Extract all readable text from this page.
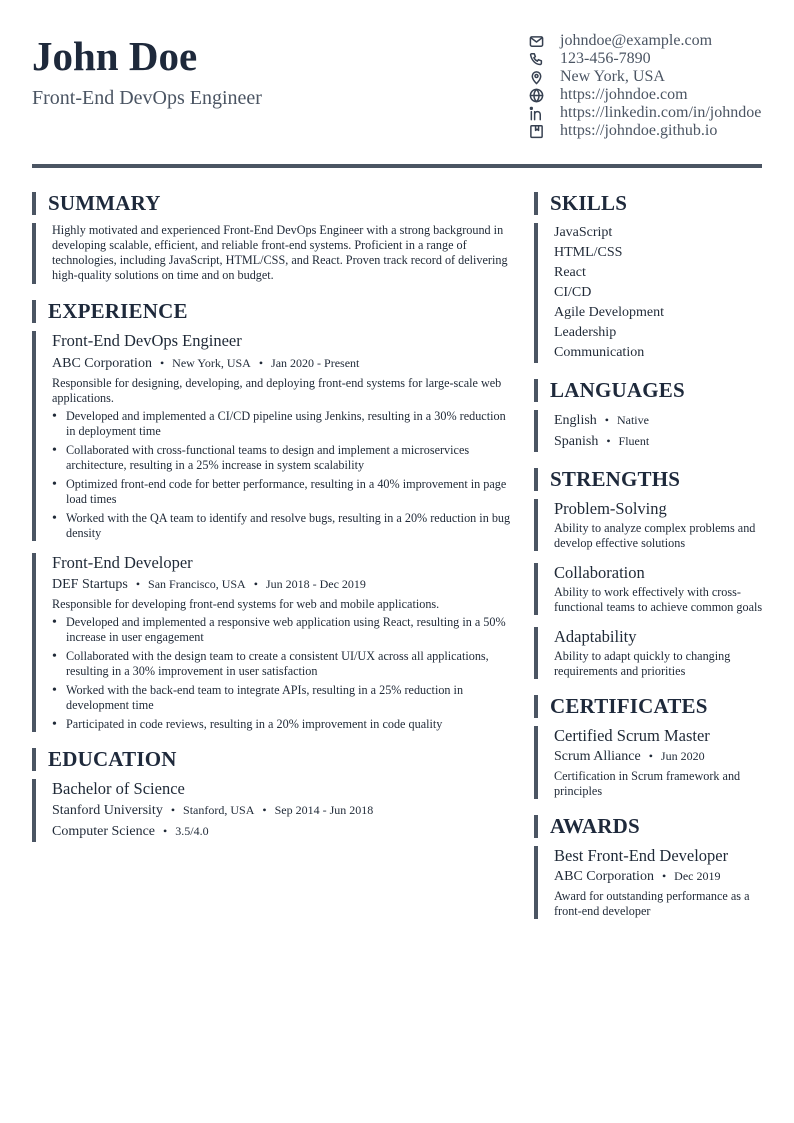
John Doe
Front-End DevOps Engineer
johndoe@example.com
123-456-7890
New York, USA
https://johndoe.com
https://linkedin.com/in/johndoe
https://johndoe.github.io
SUMMARY
Highly motivated and experienced Front-End DevOps Engineer with a strong background in developing scalable, efficient, and reliable front-end systems. Proficient in a range of technologies, including JavaScript, HTML/CSS, and React. Proven track record of delivering high-quality solutions on time and on budget.
EXPERIENCE
Front-End DevOps Engineer
ABC Corporation • New York, USA • Jan 2020 - Present
Responsible for designing, developing, and deploying front-end systems for large-scale web applications.
• Developed and implemented a CI/CD pipeline using Jenkins, resulting in a 30% reduction in deployment time
• Collaborated with cross-functional teams to design and implement a microservices architecture, resulting in a 25% increase in system scalability
• Optimized front-end code for better performance, resulting in a 40% improvement in page load times
• Worked with the QA team to identify and resolve bugs, resulting in a 20% reduction in bug density
Front-End Developer
DEF Startups • San Francisco, USA • Jun 2018 - Dec 2019
Responsible for developing front-end systems for web and mobile applications.
• Developed and implemented a responsive web application using React, resulting in a 50% increase in user engagement
• Collaborated with the design team to create a consistent UI/UX across all applications, resulting in a 30% improvement in user satisfaction
• Worked with the back-end team to integrate APIs, resulting in a 25% reduction in development time
• Participated in code reviews, resulting in a 20% improvement in code quality
EDUCATION
Bachelor of Science
Stanford University • Stanford, USA • Sep 2014 - Jun 2018
Computer Science • 3.5/4.0
SKILLS
JavaScript
HTML/CSS
React
CI/CD
Agile Development
Leadership
Communication
LANGUAGES
English • Native
Spanish • Fluent
STRENGTHS
Problem-Solving
Ability to analyze complex problems and develop effective solutions
Collaboration
Ability to work effectively with cross-functional teams to achieve common goals
Adaptability
Ability to adapt quickly to changing requirements and priorities
CERTIFICATES
Certified Scrum Master
Scrum Alliance • Jun 2020
Certification in Scrum framework and principles
AWARDS
Best Front-End Developer
ABC Corporation • Dec 2019
Award for outstanding performance as a front-end developer
